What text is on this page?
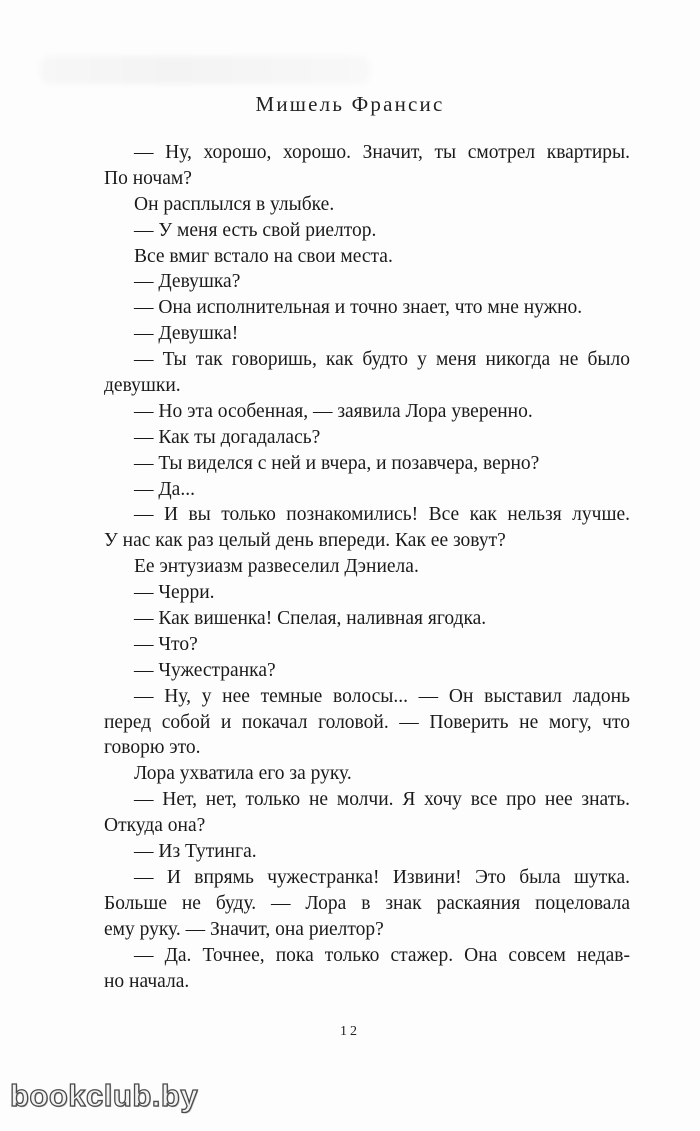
Мишель Франсис
— Ну, хорошо, хорошо. Значит, ты смотрел квартиры.
По ночам?
Он расплылся в улыбке.
— У меня есть свой риелтор.
Все вмиг встало на свои места.
— Девушка?
— Она исполнительная и точно знает, что мне нужно.
— Девушка!
— Ты так говоришь, как будто у меня никогда не было
девушки.
— Но эта особенная, — заявила Лора уверенно.
— Как ты догадалась?
— Ты виделся с ней и вчера, и позавчера, верно?
— Да...
— И вы только познакомились! Все как нельзя лучше.
У нас как раз целый день впереди. Как ее зовут?
Ее энтузиазм развеселил Дэниела.
— Черри.
— Как вишенка! Спелая, наливная ягодка.
— Что?
— Чужестранка?
— Ну, у нее темные волосы... — Он выставил ладонь
перед собой и покачал головой. — Поверить не могу, что
говорю это.
Лора ухватила его за руку.
— Нет, нет, только не молчи. Я хочу все про нее знать.
Откуда она?
— Из Тутинга.
— И впрямь чужестранка! Извини! Это была шутка.
Больше не буду. — Лора в знак раскаяния поцеловала
ему руку. — Значит, она риелтор?
— Да. Точнее, пока только стажер. Она совсем недав-
но начала.
12
bookclub.by
